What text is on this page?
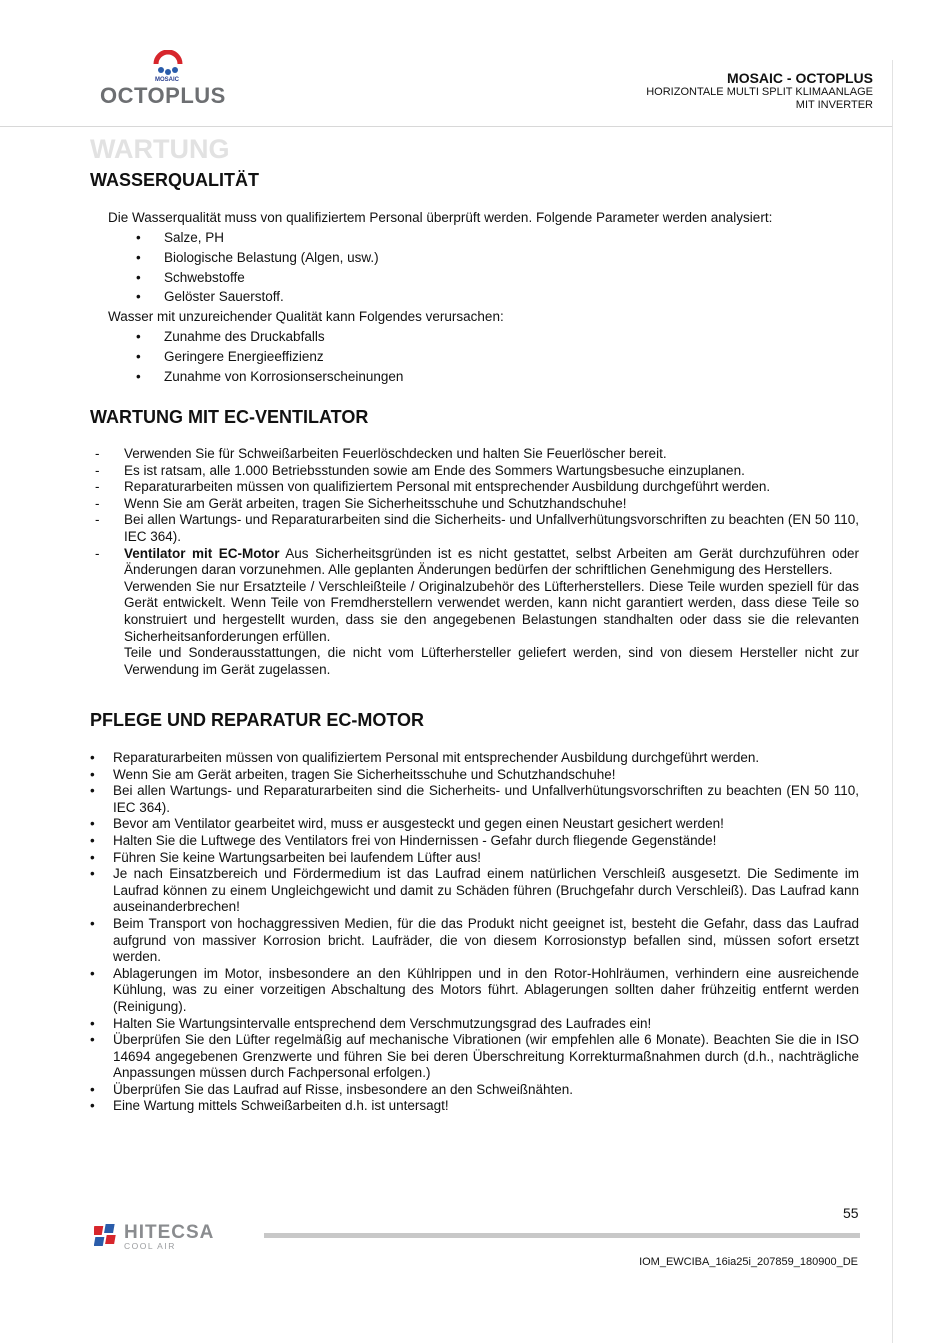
MOSAIC
OCTOPLUS
MOSAIC - OCTOPLUS
HORIZONTALE MULTI SPLIT KLIMAANLAGE
MIT INVERTER
WARTUNG
WASSERQUALITÄT
Die Wasserqualität muss von qualifiziertem Personal überprüft werden. Folgende Parameter werden analysiert:
• Salze, PH
• Biologische Belastung (Algen, usw.)
• Schwebstoffe
• Gelöster Sauerstoff.
Wasser mit unzureichender Qualität kann Folgendes verursachen:
• Zunahme des Druckabfalls
• Geringere Energieeffizienz
• Zunahme von Korrosionserscheinungen
WARTUNG MIT EC-VENTILATOR
- Verwenden Sie für Schweißarbeiten Feuerlöschdecken und halten Sie Feuerlöscher bereit.
- Es ist ratsam, alle 1.000 Betriebsstunden sowie am Ende des Sommers Wartungsbesuche einzuplanen.
- Reparaturarbeiten müssen von qualifiziertem Personal mit entsprechender Ausbildung durchgeführt werden.
- Wenn Sie am Gerät arbeiten, tragen Sie Sicherheitsschuhe und Schutzhandschuhe!
- Bei allen Wartungs- und Reparaturarbeiten sind die Sicherheits- und Unfallverhütungsvorschriften zu beachten (EN 50 110, IEC 364).

- Ventilator mit EC-Motor Aus Sicherheitsgründen ist es nicht gestattet, selbst Arbeiten am Gerät durchzuführen oder Änderungen daran vorzunehmen. Alle geplanten Änderungen bedürfen der schriftlichen Genehmigung des Herstellers.

Verwenden Sie nur Ersatzteile / Verschleißteile / Originalzubehör des Lüfterherstellers. Diese Teile wurden speziell für das Gerät entwickelt. Wenn Teile von Fremdherstellern verwendet werden, kann nicht garantiert werden, dass diese Teile so konstruiert und hergestellt wurden, dass sie den angegebenen Belastungen standhalten oder dass sie die relevanten Sicherheitsanforderungen erfüllen.

Teile und Sonderausstattungen, die nicht vom Lüfterhersteller geliefert werden, sind von diesem Hersteller nicht zur Verwendung im Gerät zugelassen.

PFLEGE UND REPARATUR EC-MOTOR
• Reparaturarbeiten müssen von qualifiziertem Personal mit entsprechender Ausbildung durchgeführt werden.
• Wenn Sie am Gerät arbeiten, tragen Sie Sicherheitsschuhe und Schutzhandschuhe!
• Bei allen Wartungs- und Reparaturarbeiten sind die Sicherheits- und Unfallverhütungsvorschriften zu beachten (EN 50 110, IEC 364).
• Bevor am Ventilator gearbeitet wird, muss er ausgesteckt und gegen einen Neustart gesichert werden!
• Halten Sie die Luftwege des Ventilators frei von Hindernissen - Gefahr durch fliegende Gegenstände!
• Führen Sie keine Wartungsarbeiten bei laufendem Lüfter aus!
• Je nach Einsatzbereich und Fördermedium ist das Laufrad einem natürlichen Verschleiß ausgesetzt. Die Sedimente im Laufrad können zu einem Ungleichgewicht und damit zu Schäden führen (Bruchgefahr durch Verschleiß). Das Laufrad kann auseinanderbrechen!
• Beim Transport von hochaggressiven Medien, für die das Produkt nicht geeignet ist, besteht die Gefahr, dass das Laufrad aufgrund von massiver Korrosion bricht. Laufräder, die von diesem Korrosionstyp befallen sind, müssen sofort ersetzt werden.
• Ablagerungen im Motor, insbesondere an den Kühlrippen und in den Rotor-Hohlräumen, verhindern eine ausreichende Kühlung, was zu einer vorzeitigen Abschaltung des Motors führt. Ablagerungen sollten daher frühzeitig entfernt werden (Reinigung).
• Halten Sie Wartungsintervalle entsprechend dem Verschmutzungsgrad des Laufrades ein!
• Überprüfen Sie den Lüfter regelmäßig auf mechanische Vibrationen (wir empfehlen alle 6 Monate). Beachten Sie die in ISO 14694 angegebenen Grenzwerte und führen Sie bei deren Überschreitung Korrekturmaßnahmen durch (d.h., nachträgliche Anpassungen müssen durch Fachpersonal erfolgen.)
• Überprüfen Sie das Laufrad auf Risse, insbesondere an den Schweißnähten.
• Eine Wartung mittels Schweißarbeiten d.h. ist untersagt!
55
HITECSA
COOL AIR
IOM_EWCIBA_16ia25i_207859_180900_DE
